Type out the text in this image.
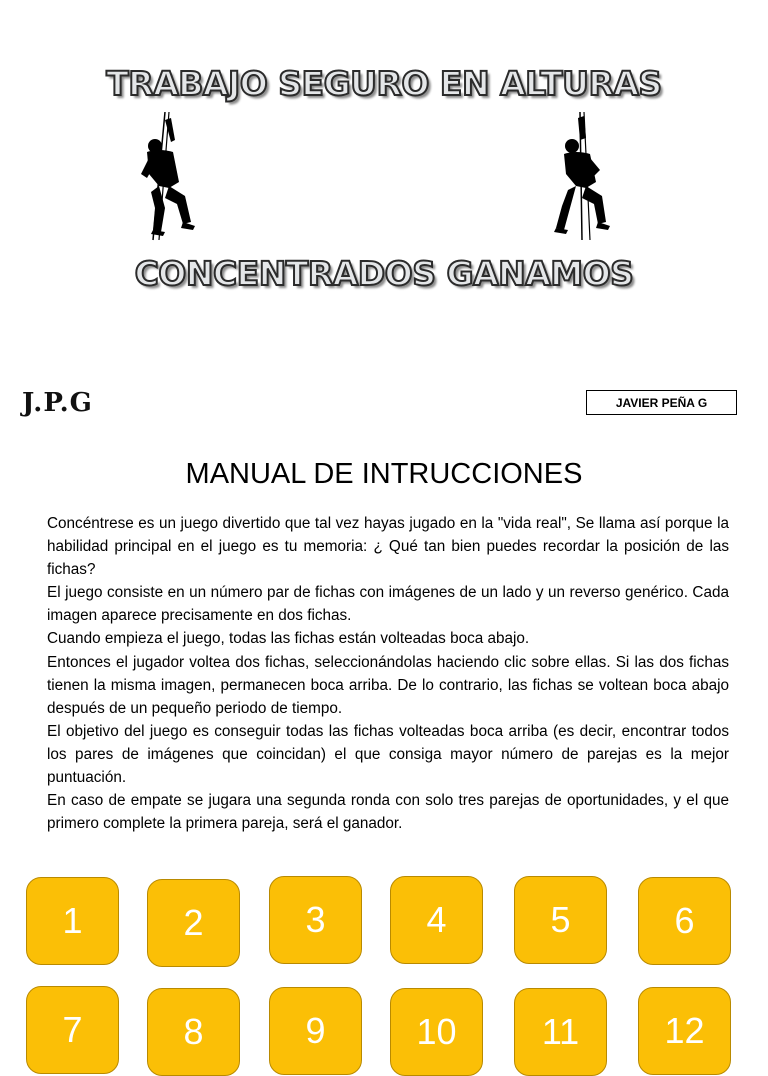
TRABAJO SEGURO EN ALTURAS
CONCENTRADOS GANAMOS
J.P.G	JAVIER PEÑA G
MANUAL DE INTRUCCIONES

Concéntrese es un juego divertido que tal vez hayas jugado en la "vida real", Se llama así porque la habilidad principal en el juego es tu memoria: ¿ Qué tan bien puedes recordar la posición de las fichas?

El juego consiste en un número par de fichas con imágenes de un lado y un reverso genérico. Cada imagen aparece precisamente en dos fichas.

Cuando empieza el juego, todas las fichas están volteadas boca abajo.

Entonces el jugador voltea dos fichas, seleccionándolas haciendo clic sobre ellas. Si las dos fichas tienen la misma imagen, permanecen boca arriba. De lo contrario, las fichas se voltean boca abajo después de un pequeño periodo de tiempo.

El objetivo del juego es conseguir todas las fichas volteadas boca arriba (es decir, encontrar todos los pares de imágenes que coincidan) el que consiga mayor número de parejas es la mejor puntuación.

En caso de empate se jugara una segunda ronda con solo tres parejas de oportunidades, y el que primero complete la primera pareja, será el ganador.

1	2	3	4	5	6
7	8	9	10 11 12
